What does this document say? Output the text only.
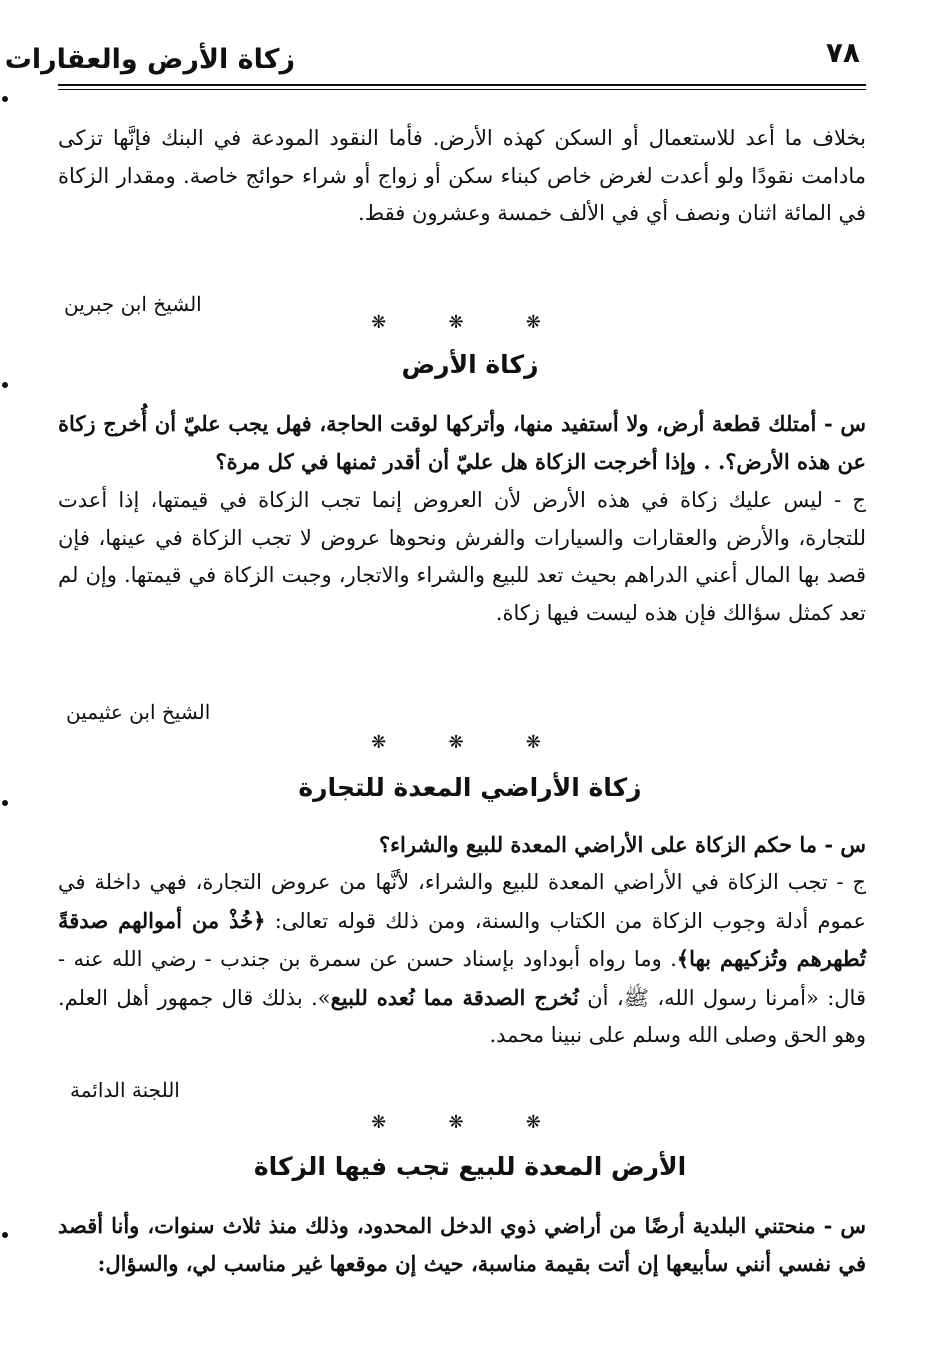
زكاة الأرض والعقارات	٧٨
بخلاف ما أعد للاستعمال أو السكن كهذه الأرض. فأما النقود المودعة في البنك فإنَّها تزكى مادامت نقودًا ولو أعدت لغرض خاص كبناء سكن أو زواج أو شراء حوائج خاصة. ومقدار الزكاة في المائة اثنان ونصف أي في الألف خمسة وعشرون فقط.
الشيخ ابن جبرين
❋ ❋ ❋
زكاة الأرض
س - أمتلك قطعة أرض، ولا أستفيد منها، وأتركها لوقت الحاجة، فهل يجب عليّ أن أُخرج زكاة عن هذه الأرض؟. . وإذا أخرجت الزكاة هل عليّ أن أقدر ثمنها في كل مرة؟
ج - ليس عليك زكاة في هذه الأرض لأن العروض إنما تجب الزكاة في قيمتها، إذا أعدت للتجارة، والأرض والعقارات والسيارات والفرش ونحوها عروض لا تجب الزكاة في عينها، فإن قصد بها المال أعني الدراهم بحيث تعد للبيع والشراء والاتجار، وجبت الزكاة في قيمتها. وإن لم تعد كمثل سؤالك فإن هذه ليست فيها زكاة.
الشيخ ابن عثيمين
❋ ❋ ❋
زكاة الأراضي المعدة للتجارة
س - ما حكم الزكاة على الأراضي المعدة للبيع والشراء؟
ج - تجب الزكاة في الأراضي المعدة للبيع والشراء، لأنَّها من عروض التجارة، فهي داخلة في عموم أدلة وجوب الزكاة من الكتاب والسنة، ومن ذلك قوله تعالى: ﴿خُذْ من أموالهم صدقةً تُطهرهم وتُزكيهم بها﴾. وما رواه أبوداود بإسناد حسن عن سمرة بن جندب - رضي الله عنه - قال: «أمرنا رسول الله، ﷺ، أن نُخرج الصدقة مما نُعده للبيع». بذلك قال جمهور أهل العلم. وهو الحق وصلى الله وسلم على نبينا محمد.
اللجنة الدائمة
❋ ❋ ❋
الأرض المعدة للبيع تجب فيها الزكاة
س - منحتني البلدية أرضًا من أراضي ذوي الدخل المحدود، وذلك منذ ثلاث سنوات، وأنا أقصد في نفسي أنني سأبيعها إن أتت بقيمة مناسبة، حيث إن موقعها غير مناسب لي، والسؤال:
